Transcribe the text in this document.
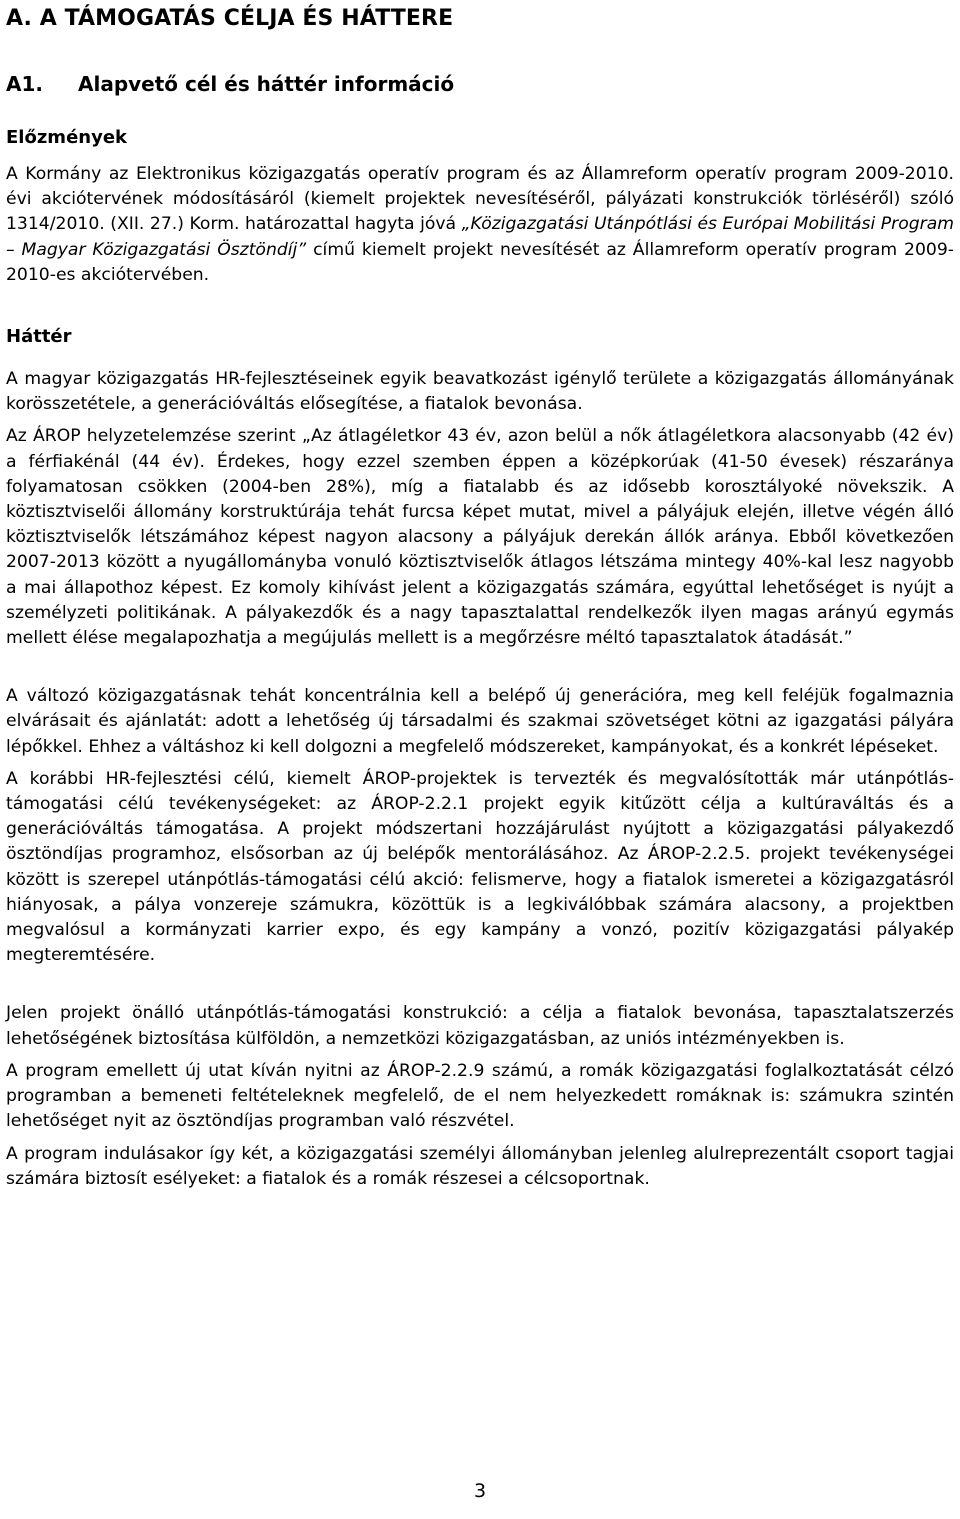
A. A TÁMOGATÁS CÉLJA ÉS HÁTTERE
A1. Alapvető cél és háttér információ
Előzmények

A Kormány az Elektronikus közigazgatás operatív program és az Államreform operatív program 2009-2010. évi akciótervének módosításáról (kiemelt projektek nevesítéséről, pályázati konstrukciók törléséről) szóló 1314/2010. (XII. 27.) Korm. határozattal hagyta jóvá „Közigazgatási Utánpótlási és Európai Mobilitási Program – Magyar Közigazgatási Ösztöndíj” című kiemelt projekt nevesítését az Államreform operatív program 2009-2010-es akciótervében.

Háttér

A magyar közigazgatás HR-fejlesztéseinek egyik beavatkozást igénylő területe a közigazgatás állományának korösszetétele, a generációváltás elősegítése, a fiatalok bevonása.

Az ÁROP helyzetelemzése szerint „Az átlagéletkor 43 év, azon belül a nők átlagéletkora alacsonyabb (42 év) a férfiakénál (44 év). Érdekes, hogy ezzel szemben éppen a középkorúak (41-50 évesek) részaránya folyamatosan csökken (2004-ben 28%), míg a fiatalabb és az idősebb korosztályoké növekszik. A köztisztviselői állomány korstruktúrája tehát furcsa képet mutat, mivel a pályájuk elején, illetve végén álló köztisztviselők létszámához képest nagyon alacsony a pályájuk derekán állók aránya. Ebből következően 2007-2013 között a nyugállományba vonuló köztisztviselők átlagos létszáma mintegy 40%-kal lesz nagyobb a mai állapothoz képest. Ez komoly kihívást jelent a közigazgatás számára, egyúttal lehetőséget is nyújt a személyzeti politikának. A pályakezdők és a nagy tapasztalattal rendelkezők ilyen magas arányú egymás mellett élése megalapozhatja a megújulás mellett is a megőrzésre méltó tapasztalatok átadását.”

A változó közigazgatásnak tehát koncentrálnia kell a belépő új generációra, meg kell feléjük fogalmaznia elvárásait és ajánlatát: adott a lehetőség új társadalmi és szakmai szövetséget kötni az igazgatási pályára lépőkkel. Ehhez a váltáshoz ki kell dolgozni a megfelelő módszereket, kampányokat, és a konkrét lépéseket.

A korábbi HR-fejlesztési célú, kiemelt ÁROP-projektek is tervezték és megvalósították már utánpótlás-támogatási célú tevékenységeket: az ÁROP-2.2.1 projekt egyik kitűzött célja a kultúraváltás és a generációváltás támogatása. A projekt módszertani hozzájárulást nyújtott a közigazgatási pályakezdő ösztöndíjas programhoz, elsősorban az új belépők mentorálásához. Az ÁROP-2.2.5. projekt tevékenységei között is szerepel utánpótlás-támogatási célú akció: felismerve, hogy a fiatalok ismeretei a közigazgatásról hiányosak, a pálya vonzereje számukra, közöttük is a legkiválóbbak számára alacsony, a projektben megvalósul a kormányzati karrier expo, és egy kampány a vonzó, pozitív közigazgatási pályakép megteremtésére.

Jelen projekt önálló utánpótlás-támogatási konstrukció: a célja a fiatalok bevonása, tapasztalatszerzés lehetőségének biztosítása külföldön, a nemzetközi közigazgatásban, az uniós intézményekben is.

A program emellett új utat kíván nyitni az ÁROP-2.2.9 számú, a romák közigazgatási foglalkoztatását célzó programban a bemeneti feltételeknek megfelelő, de el nem helyezkedett romáknak is: számukra szintén lehetőséget nyit az ösztöndíjas programban való részvétel.

A program indulásakor így két, a közigazgatási személyi állományban jelenleg alulreprezentált csoport tagjai számára biztosít esélyeket: a fiatalok és a romák részesei a célcsoportnak.

3
